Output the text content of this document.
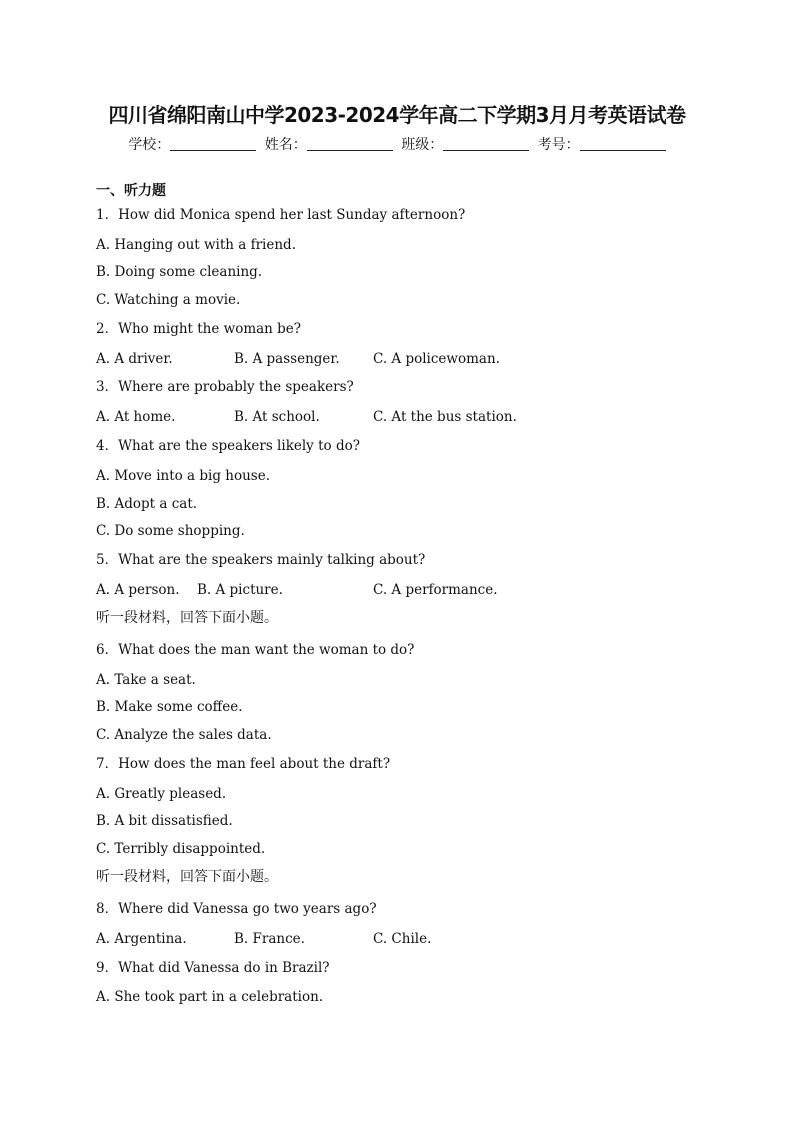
四川省绵阳南山中学2023-2024学年高二下学期3月月考英语试卷
学校：	姓名：	班级：	考号：
一、听力题
1．How did Monica spend her last Sunday afternoon?
A. Hanging out with a friend.
B. Doing some cleaning.
C. Watching a movie.
2．Who might the woman be?
A. A driver.	B. A passenger. C. A policewoman.
3．Where are probably the speakers?
A. At home.	B. At school.	C. At the bus station.
4．What are the speakers likely to do?
A. Move into a big house.
B. Adopt a cat.
C. Do some shopping.
5．What are the speakers mainly talking about?
A. A person. B. A picture.	C. A performance.
听一段材料，回答下面小题。
6．What does the man want the woman to do?
A. Take a seat.
B. Make some coffee.
C. Analyze the sales data.
7．How does the man feel about the draft?
A. Greatly pleased.
B. A bit dissatisfied.
C. Terribly disappointed.
听一段材料，回答下面小题。
8．Where did Vanessa go two years ago?
A. Argentina.	B. France.	C. Chile.
9．What did Vanessa do in Brazil?
A. She took part in a celebration.
